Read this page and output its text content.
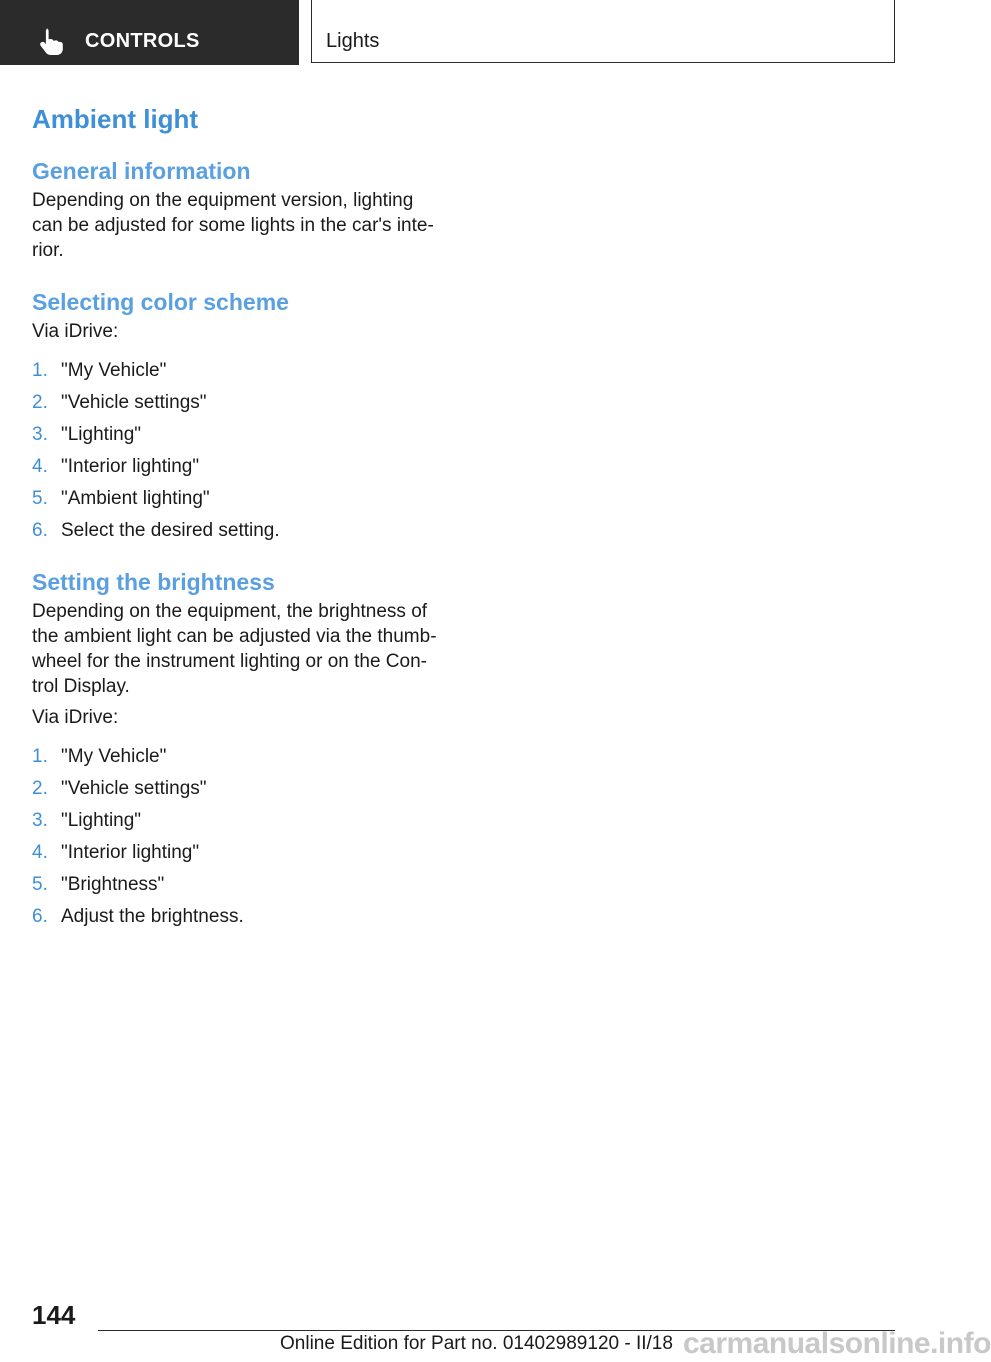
CONTROLS	Lights
Ambient light
General information

Depending on the equipment version, lighting can be adjusted for some lights in the car's inte‐ rior.

Selecting color scheme

Via iDrive:

1. "My Vehicle"
2. "Vehicle settings"
3. "Lighting"
4. "Interior lighting"
5. "Ambient lighting"
6. Select the desired setting.
Setting the brightness

Depending on the equipment, the brightness of the ambient light can be adjusted via the thumb‐ wheel for the instrument lighting or on the Con‐ trol Display.

Via iDrive:

1. "My Vehicle"
2. "Vehicle settings"
3. "Lighting"
4. "Interior lighting"
5. "Brightness"
6. Adjust the brightness.
144
Online Edition for Part no. 01402989120 - II/18 carmanualsonline.info
